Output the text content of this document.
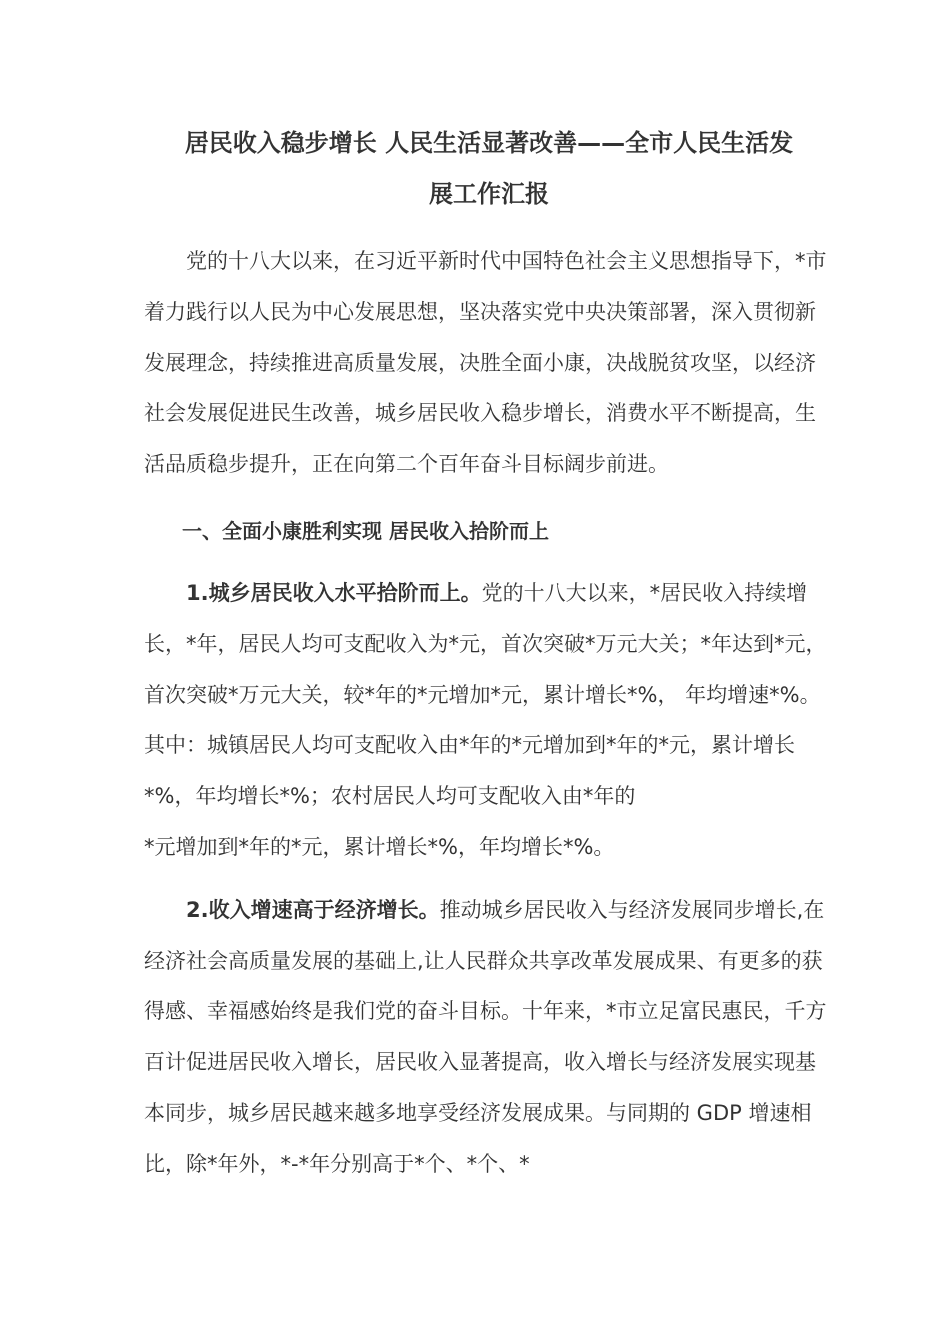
居民收入稳步增长 人民生活显著改善——全市人民生活发
展工作汇报

党的十八大以来，在习近平新时代中国特色社会主义思想指导下，*市着力践行以人民为中心发展思想，坚决落实党中央决策部署，深入贯彻新发展理念，持续推进高质量发展，决胜全面小康，决战脱贫攻坚，以经济社会发展促进民生改善，城乡居民收入稳步增长，消费水平不断提高，生活品质稳步提升，正在向第二个百年奋斗目标阔步前进。

一、全面小康胜利实现 居民收入拾阶而上

1.城乡居民收入水平拾阶而上。党的十八大以来，*居民收入持续增长，*年，居民人均可支配收入为*元，首次突破*万元大关；*年达到*元，首次突破*万元大关，较*年的*元增加*元，累计增长*%， 年均增速*%。其中：城镇居民人均可支配收入由*年的*元增加到*年的*元，累计增长*%，年均增长*%；农村居民人均可支配收入由*年的

*元增加到*年的*元，累计增长*%，年均增长*%。

2.收入增速高于经济增长。推动城乡居民收入与经济发展同步增长,在经济社会高质量发展的基础上,让人民群众共享改革发展成果、有更多的获得感、幸福感始终是我们党的奋斗目标。十年来，*市立足富民惠民，千方百计促进居民收入增长，居民收入显著提高，收入增长与经济发展实现基本同步，城乡居民越来越多地享受经济发展成果。与同期的 GDP 增速相比，除*年外，*-*年分别高于*个、*个、*
